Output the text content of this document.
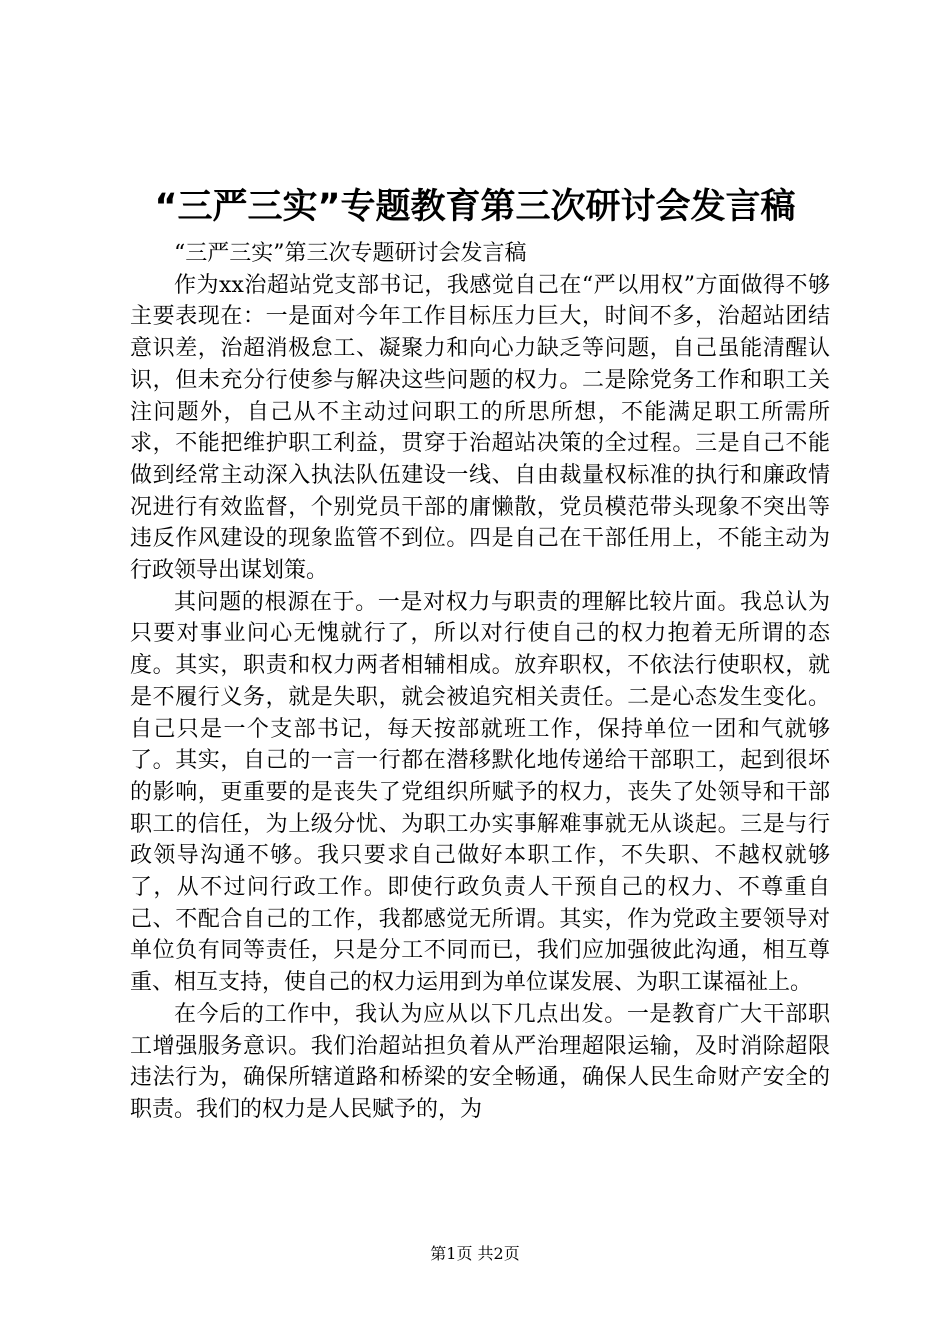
“三严三实”专题教育第三次研讨会发言稿

“三严三实”第三次专题研讨会发言稿

作为xx治超站党支部书记，我感觉自己在“严以用权”方面做得不够主要表现在：一是面对今年工作目标压力巨大，时间不多，治超站团结意识差，治超消极怠工、凝聚力和向心力缺乏等问题，自己虽能清醒认识，但未充分行使参与解决这些问题的权力。二是除党务工作和职工关注问题外，自己从不主动过问职工的所思所想，不能满足职工所需所求，不能把维护职工利益，贯穿于治超站决策的全过程。三是自己不能做到经常主动深入执法队伍建设一线、自由裁量权标准的执行和廉政情况进行有效监督，个别党员干部的庸懒散，党员模范带头现象不突出等违反作风建设的现象监管不到位。四是自己在干部任用上，不能主动为行政领导出谋划策。

其问题的根源在于。一是对权力与职责的理解比较片面。我总认为只要对事业问心无愧就行了，所以对行使自己的权力抱着无所谓的态度。其实，职责和权力两者相辅相成。放弃职权，不依法行使职权，就是不履行义务，就是失职，就会被追究相关责任。二是心态发生变化。自己只是一个支部书记，每天按部就班工作，保持单位一团和气就够了。其实，自己的一言一行都在潜移默化地传递给干部职工，起到很坏的影响，更重要的是丧失了党组织所赋予的权力，丧失了处领导和干部职工的信任，为上级分忧、为职工办实事解难事就无从谈起。三是与行政领导沟通不够。我只要求自己做好本职工作，不失职、不越权就够了，从不过问行政工作。即使行政负责人干预自己的权力、不尊重自己、不配合自己的工作，我都感觉无所谓。其实，作为党政主要领导对单位负有同等责任，只是分工不同而已，我们应加强彼此沟通，相互尊重、相互支持，使自己的权力运用到为单位谋发展、为职工谋福祉上。

在今后的工作中，我认为应从以下几点出发。一是教育广大干部职工增强服务意识。我们治超站担负着从严治理超限运输，及时消除超限违法行为，确保所辖道路和桥梁的安全畅通，确保人民生命财产安全的职责。我们的权力是人民赋予的，为

第1页 共2页
